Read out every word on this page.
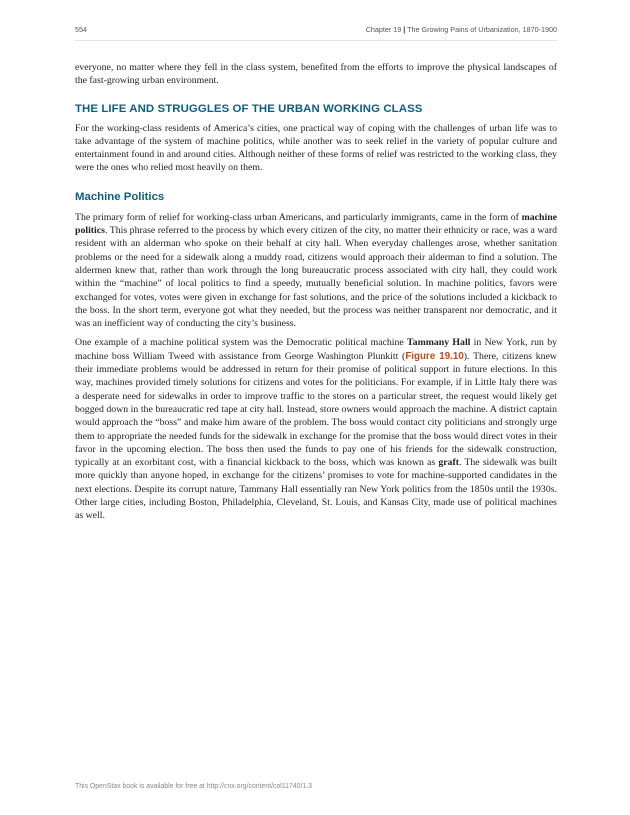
554	Chapter 19 | The Growing Pains of Urbanization, 1870-1900

everyone, no matter where they fell in the class system, benefited from the efforts to improve the physical landscapes of the fast-growing urban environment.

THE LIFE AND STRUGGLES OF THE URBAN WORKING CLASS

For the working-class residents of America’s cities, one practical way of coping with the challenges of urban life was to take advantage of the system of machine politics, while another was to seek relief in the variety of popular culture and entertainment found in and around cities. Although neither of these forms of relief was restricted to the working class, they were the ones who relied most heavily on them.

Machine Politics

The primary form of relief for working-class urban Americans, and particularly immigrants, came in the form of machine politics. This phrase referred to the process by which every citizen of the city, no matter their ethnicity or race, was a ward resident with an alderman who spoke on their behalf at city hall. When everyday challenges arose, whether sanitation problems or the need for a sidewalk along a muddy road, citizens would approach their alderman to find a solution. The aldermen knew that, rather than work through the long bureaucratic process associated with city hall, they could work within the “machine” of local politics to find a speedy, mutually beneficial solution. In machine politics, favors were exchanged for votes, votes were given in exchange for fast solutions, and the price of the solutions included a kickback to the boss. In the short term, everyone got what they needed, but the process was neither transparent nor democratic, and it was an inefficient way of conducting the city’s business.

One example of a machine political system was the Democratic political machine Tammany Hall in New York, run by machine boss William Tweed with assistance from George Washington Plunkitt (Figure 19.10). There, citizens knew their immediate problems would be addressed in return for their promise of political support in future elections. In this way, machines provided timely solutions for citizens and votes for the politicians. For example, if in Little Italy there was a desperate need for sidewalks in order to improve traffic to the stores on a particular street, the request would likely get bogged down in the bureaucratic red tape at city hall. Instead, store owners would approach the machine. A district captain would approach the “boss” and make him aware of the problem. The boss would contact city politicians and strongly urge them to appropriate the needed funds for the sidewalk in exchange for the promise that the boss would direct votes in their favor in the upcoming election. The boss then used the funds to pay one of his friends for the sidewalk construction, typically at an exorbitant cost, with a financial kickback to the boss, which was known as graft. The sidewalk was built more quickly than anyone hoped, in exchange for the citizens’ promises to vote for machine-supported candidates in the next elections. Despite its corrupt nature, Tammany Hall essentially ran New York politics from the 1850s until the 1930s. Other large cities, including Boston, Philadelphia, Cleveland, St. Louis, and Kansas City, made use of political machines as well.

This OpenStax book is available for free at http://cnx.org/content/col11740/1.3
